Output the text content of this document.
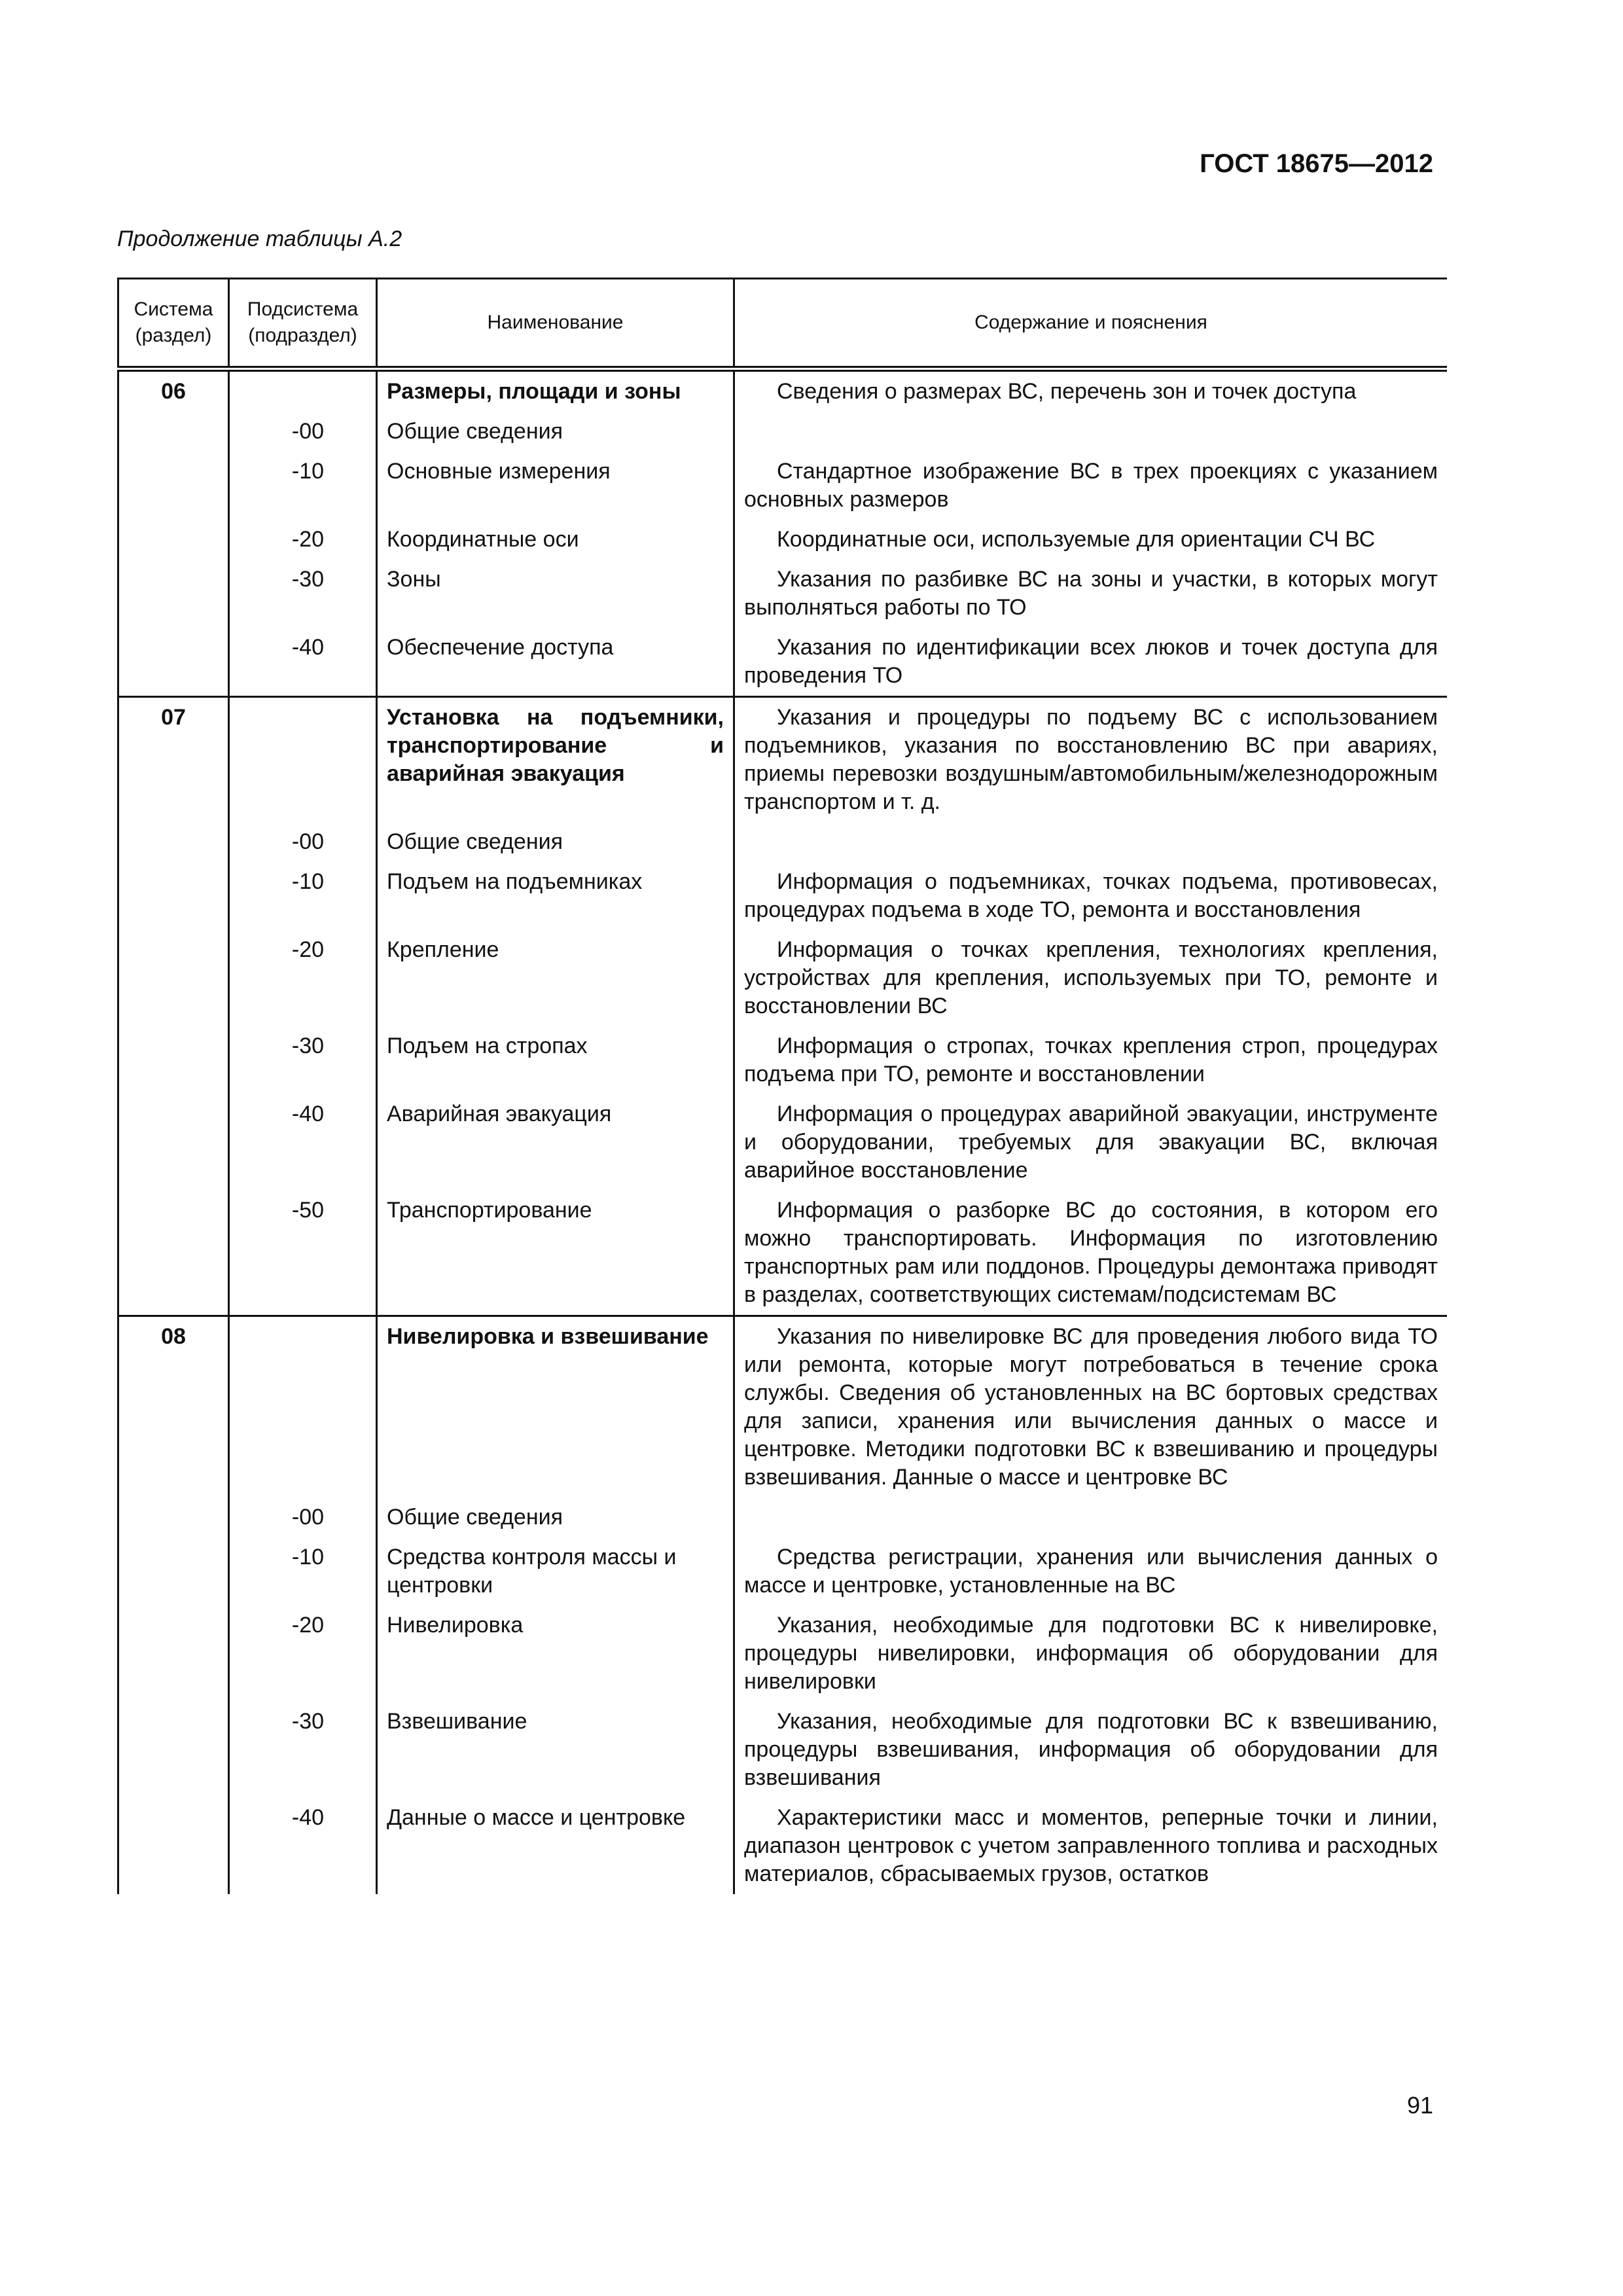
ГОСТ 18675—2012
Продолжение таблицы А.2
Система (раздел)	Подсистема (подраздел)	Наименование	Содержание и пояснения
06		Размеры, площади и зоны	Сведения о размерах ВС, перечень зон и точек доступа
	-00	Общие сведения	
	-10	Основные измерения	Стандартное изображение ВС в трех проекциях с указанием основных размеров
	-20	Координатные оси	Координатные оси, используемые для ориентации СЧ ВС
	-30	Зоны	Указания по разбивке ВС на зоны и участки, в которых могут выполняться работы по ТО
	-40	Обеспечение доступа	Указания по идентификации всех люков и точек доступа для проведения ТО
07		Установка на подъемники, транспортирование и аварийная эвакуация	Указания и процедуры по подъему ВС с использованием подъемников, указания по восстановлению ВС при авариях, приемы перевозки воздушным/автомобильным/железнодорожным транспортом и т. д.
	-00	Общие сведения	
	-10	Подъем на подъемниках	Информация о подъемниках, точках подъема, противовесах, процедурах подъема в ходе ТО, ремонта и восстановления
	-20	Крепление	Информация о точках крепления, технологиях крепления, устройствах для крепления, используемых при ТО, ремонте и восстановлении ВС
	-30	Подъем на стропах	Информация о стропах, точках крепления строп, процедурах подъема при ТО, ремонте и восстановлении
	-40	Аварийная эвакуация	Информация о процедурах аварийной эвакуации, инструменте и оборудовании, требуемых для эвакуации ВС, включая аварийное восстановление
	-50	Транспортирование	Информация о разборке ВС до состояния, в котором его можно транспортировать. Информация по изготовлению транспортных рам или поддонов. Процедуры демонтажа приводят в разделах, соответствующих системам/подсистемам ВС
08		Нивелировка и взвешивание	Указания по нивелировке ВС для проведения любого вида ТО или ремонта, которые могут потребоваться в течение срока службы. Сведения об установленных на ВС бортовых средствах для записи, хранения или вычисления данных о массе и центровке. Методики подготовки ВС к взвешиванию и процедуры взвешивания. Данные о массе и центровке ВС
	-00	Общие сведения	
	-10	Средства контроля массы и центровки	Средства регистрации, хранения или вычисления данных о массе и центровке, установленные на ВС
	-20	Нивелировка	Указания, необходимые для подготовки ВС к нивелировке, процедуры нивелировки, информация об оборудовании для нивелировки
	-30	Взвешивание	Указания, необходимые для подготовки ВС к взвешиванию, процедуры взвешивания, информация об оборудовании для взвешивания
	-40	Данные о массе и центровке	Характеристики масс и моментов, реперные точки и линии, диапазон центровок с учетом заправленного топлива и расходных материалов, сбрасываемых грузов, остатков
91
